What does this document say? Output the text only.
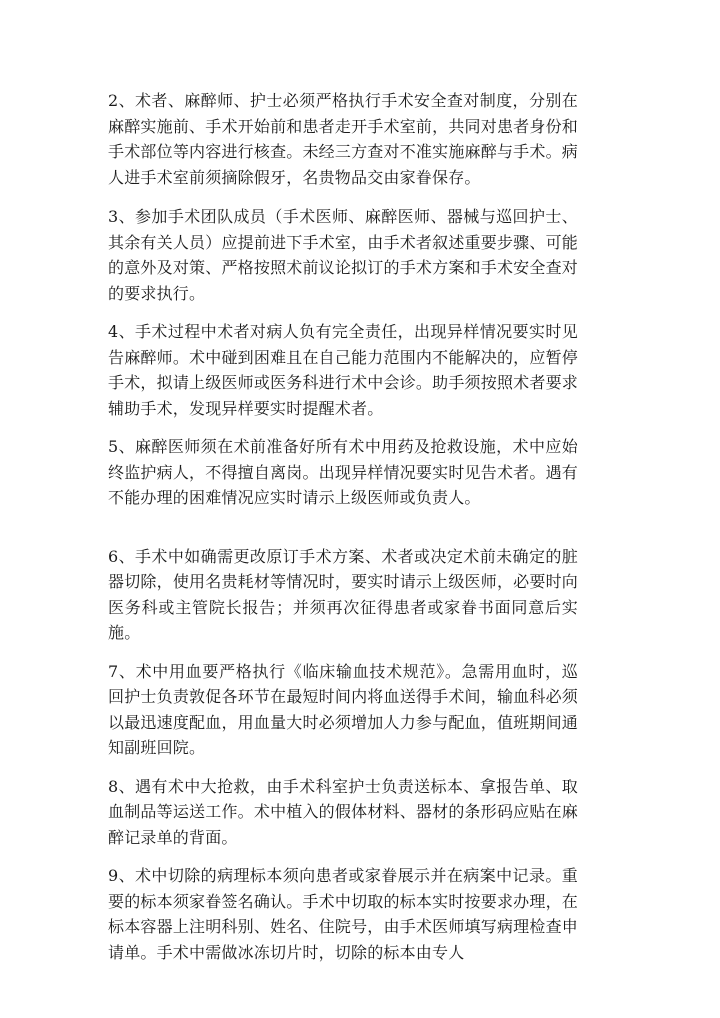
2、术者、麻醉师、护士必须严格执行手术安全查对制度，分别在麻醉实施前、手术开始前和患者走开手术室前，共同对患者身份和手术部位等内容进行核查。未经三方查对不准实施麻醉与手术。病人进手术室前须摘除假牙，名贵物品交由家眷保存。

3、参加手术团队成员（手术医师、麻醉医师、器械与巡回护士、其余有关人员）应提前进下手术室，由手术者叙述重要步骤、可能的意外及对策、严格按照术前议论拟订的手术方案和手术安全查对的要求执行。

4、手术过程中术者对病人负有完全责任，出现异样情况要实时见告麻醉师。术中碰到困难且在自己能力范围内不能解决的，应暂停手术，拟请上级医师或医务科进行术中会诊。助手须按照术者要求辅助手术，发现异样要实时提醒术者。

5、麻醉医师须在术前准备好所有术中用药及抢救设施，术中应始终监护病人，不得擅自离岗。出现异样情况要实时见告术者。遇有不能办理的困难情况应实时请示上级医师或负责人。

6、手术中如确需更改原订手术方案、术者或决定术前未确定的脏器切除，使用名贵耗材等情况时，要实时请示上级医师，必要时向医务科或主管院长报告；并须再次征得患者或家眷书面同意后实施。

7、术中用血要严格执行《临床输血技术规范》。急需用血时，巡回护士负责敦促各环节在最短时间内将血送得手术间，输血科必须以最迅速度配血，用血量大时必须增加人力参与配血，值班期间通知副班回院。

8、遇有术中大抢救，由手术科室护士负责送标本、拿报告单、取血制品等运送工作。术中植入的假体材料、器材的条形码应贴在麻醉记录单的背面。

9、术中切除的病理标本须向患者或家眷展示并在病案中记录。重要的标本须家眷签名确认。手术中切取的标本实时按要求办理，在标本容器上注明科别、姓名、住院号，由手术医师填写病理检查申请单。手术中需做冰冻切片时，切除的标本由专人
